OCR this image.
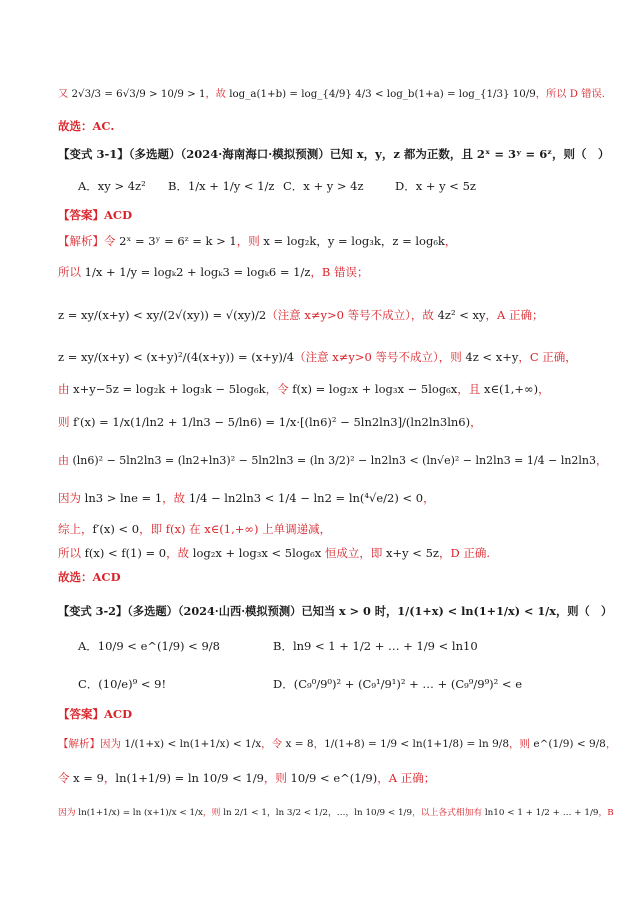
又 2√3/3 = 6√3/9 > 10/9 > 1，故 log_a(1+b) = log_{4/9} 4/3 < log_b(1+a) = log_{1/3} 10/9，所以 D 错误.
故选：AC.
【变式 3-1】（多选题）（2024·海南海口·模拟预测）已知 x，y，z 都为正数，且 2ˣ = 3ʸ = 6ᶻ，则（　）
A．xy > 4z² B．1/x + 1/y < 1/z C．x + y > 4z	D．x + y < 5z
【答案】ACD
【解析】令 2ˣ = 3ʸ = 6ᶻ = k > 1，则 x = log₂k，y = log₃k，z = log₆k，
所以 1/x + 1/y = logₖ2 + logₖ3 = logₖ6 = 1/z，B 错误；
z = xy/(x+y) < xy/(2√(xy)) = √(xy)/2（注意 x≠y>0 等号不成立），故 4z² < xy，A 正确；
z = xy/(x+y) < (x+y)²/(4(x+y)) = (x+y)/4（注意 x≠y>0 等号不成立），则 4z < x+y，C 正确，
由 x+y−5z = log₂k + log₃k − 5log₆k，令 f(x) = log₂x + log₃x − 5log₆x，且 x∈(1,+∞)，
则 f′(x) = 1/x(1/ln2 + 1/ln3 − 5/ln6) = 1/x·[(ln6)² − 5ln2ln3]/(ln2ln3ln6)，
由 (ln6)² − 5ln2ln3 = (ln2+ln3)² − 5ln2ln3 = (ln 3/2)² − ln2ln3 < (ln√e)² − ln2ln3 = 1/4 − ln2ln3，
因为 ln3 > lne = 1，故 1/4 − ln2ln3 < 1/4 − ln2 = ln(⁴√e/2) < 0，
综上，f′(x) < 0，即 f(x) 在 x∈(1,+∞) 上单调递减，
所以 f(x) < f(1) = 0，故 log₂x + log₃x < 5log₆x 恒成立，即 x+y < 5z，D 正确.
故选：ACD
【变式 3-2】（多选题）（2024·山西·模拟预测）已知当 x > 0 时，1/(1+x) < ln(1+1/x) < 1/x，则（　）
A．10/9 < e^(1/9) < 9/8	B．ln9 < 1 + 1/2 + … + 1/9 < ln10
C．(10/e)⁹ < 9!	D．(C₉⁰/9⁰)² + (C₉¹/9¹)² + … + (C₉⁹/9⁹)² < e
【答案】ACD
【解析】因为 1/(1+x) < ln(1+1/x) < 1/x，令 x = 8，1/(1+8) = 1/9 < ln(1+1/8) = ln 9/8，则 e^(1/9) < 9/8，
令 x = 9，ln(1+1/9) = ln 10/9 < 1/9，则 10/9 < e^(1/9)，A 正确；
因为 ln(1+1/x) = ln (x+1)/x < 1/x，则 ln 2/1 < 1，ln 3/2 < 1/2，…，ln 10/9 < 1/9，以上各式相加有 ln10 < 1 + 1/2 + … + 1/9，B
